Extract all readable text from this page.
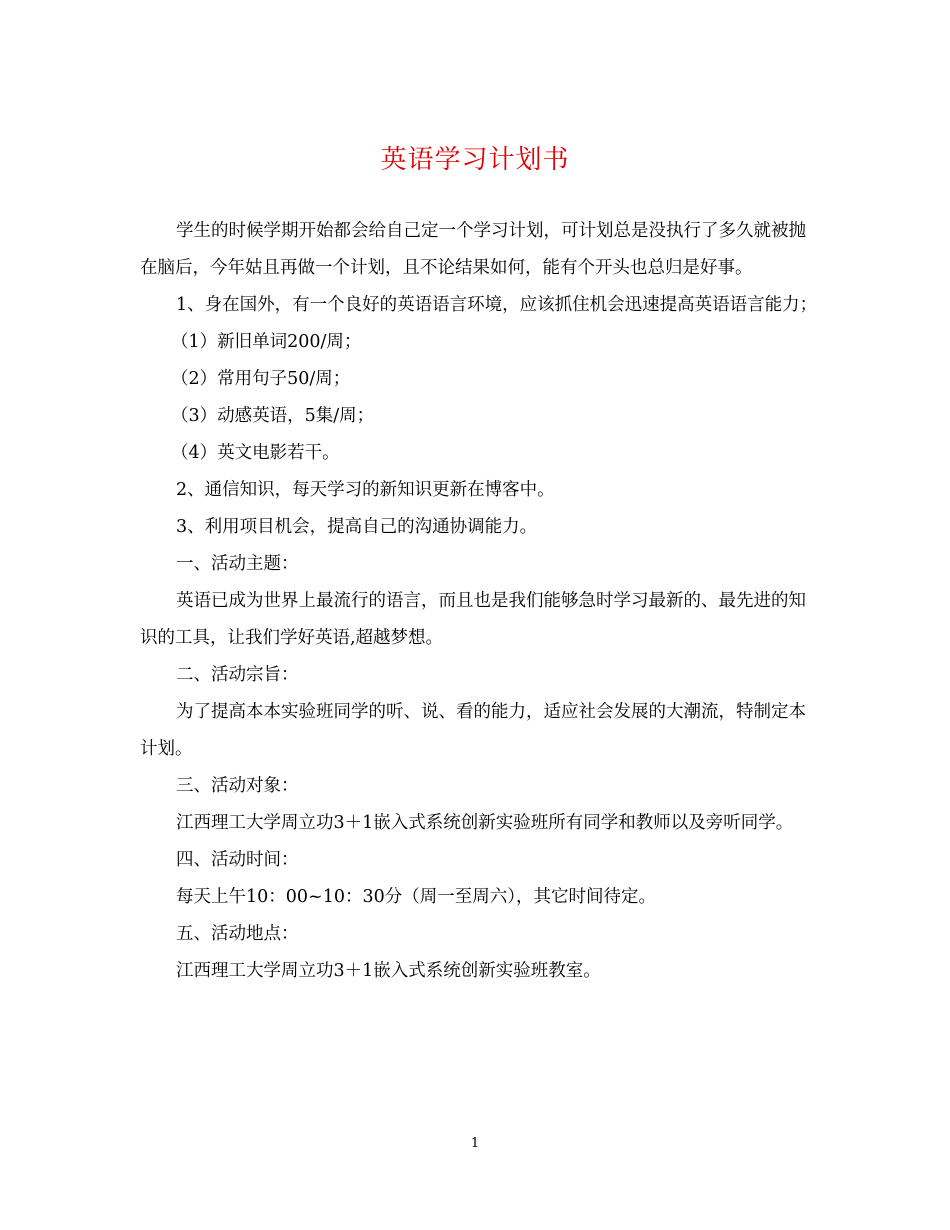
英语学习计划书

学生的时候学期开始都会给自己定一个学习计划，可计划总是没执行了多久就被抛在脑后，今年姑且再做一个计划，且不论结果如何，能有个开头也总归是好事。

1、身在国外，有一个良好的英语语言环境，应该抓住机会迅速提高英语语言能力；

（1）新旧单词200/周；

（2）常用句子50/周；

（3）动感英语，5集/周；

（4）英文电影若干。

2、通信知识，每天学习的新知识更新在博客中。

3、利用项目机会，提高自己的沟通协调能力。

一、活动主题：

英语已成为世界上最流行的语言，而且也是我们能够急时学习最新的、最先进的知识的工具，让我们学好英语,超越梦想。

二、活动宗旨：

为了提高本本实验班同学的听、说、看的能力，适应社会发展的大潮流，特制定本计划。

三、活动对象：

江西理工大学周立功3＋1嵌入式系统创新实验班所有同学和教师以及旁听同学。

四、活动时间：

每天上午10：00~10：30分（周一至周六），其它时间待定。

五、活动地点：

江西理工大学周立功3＋1嵌入式系统创新实验班教室。

1
